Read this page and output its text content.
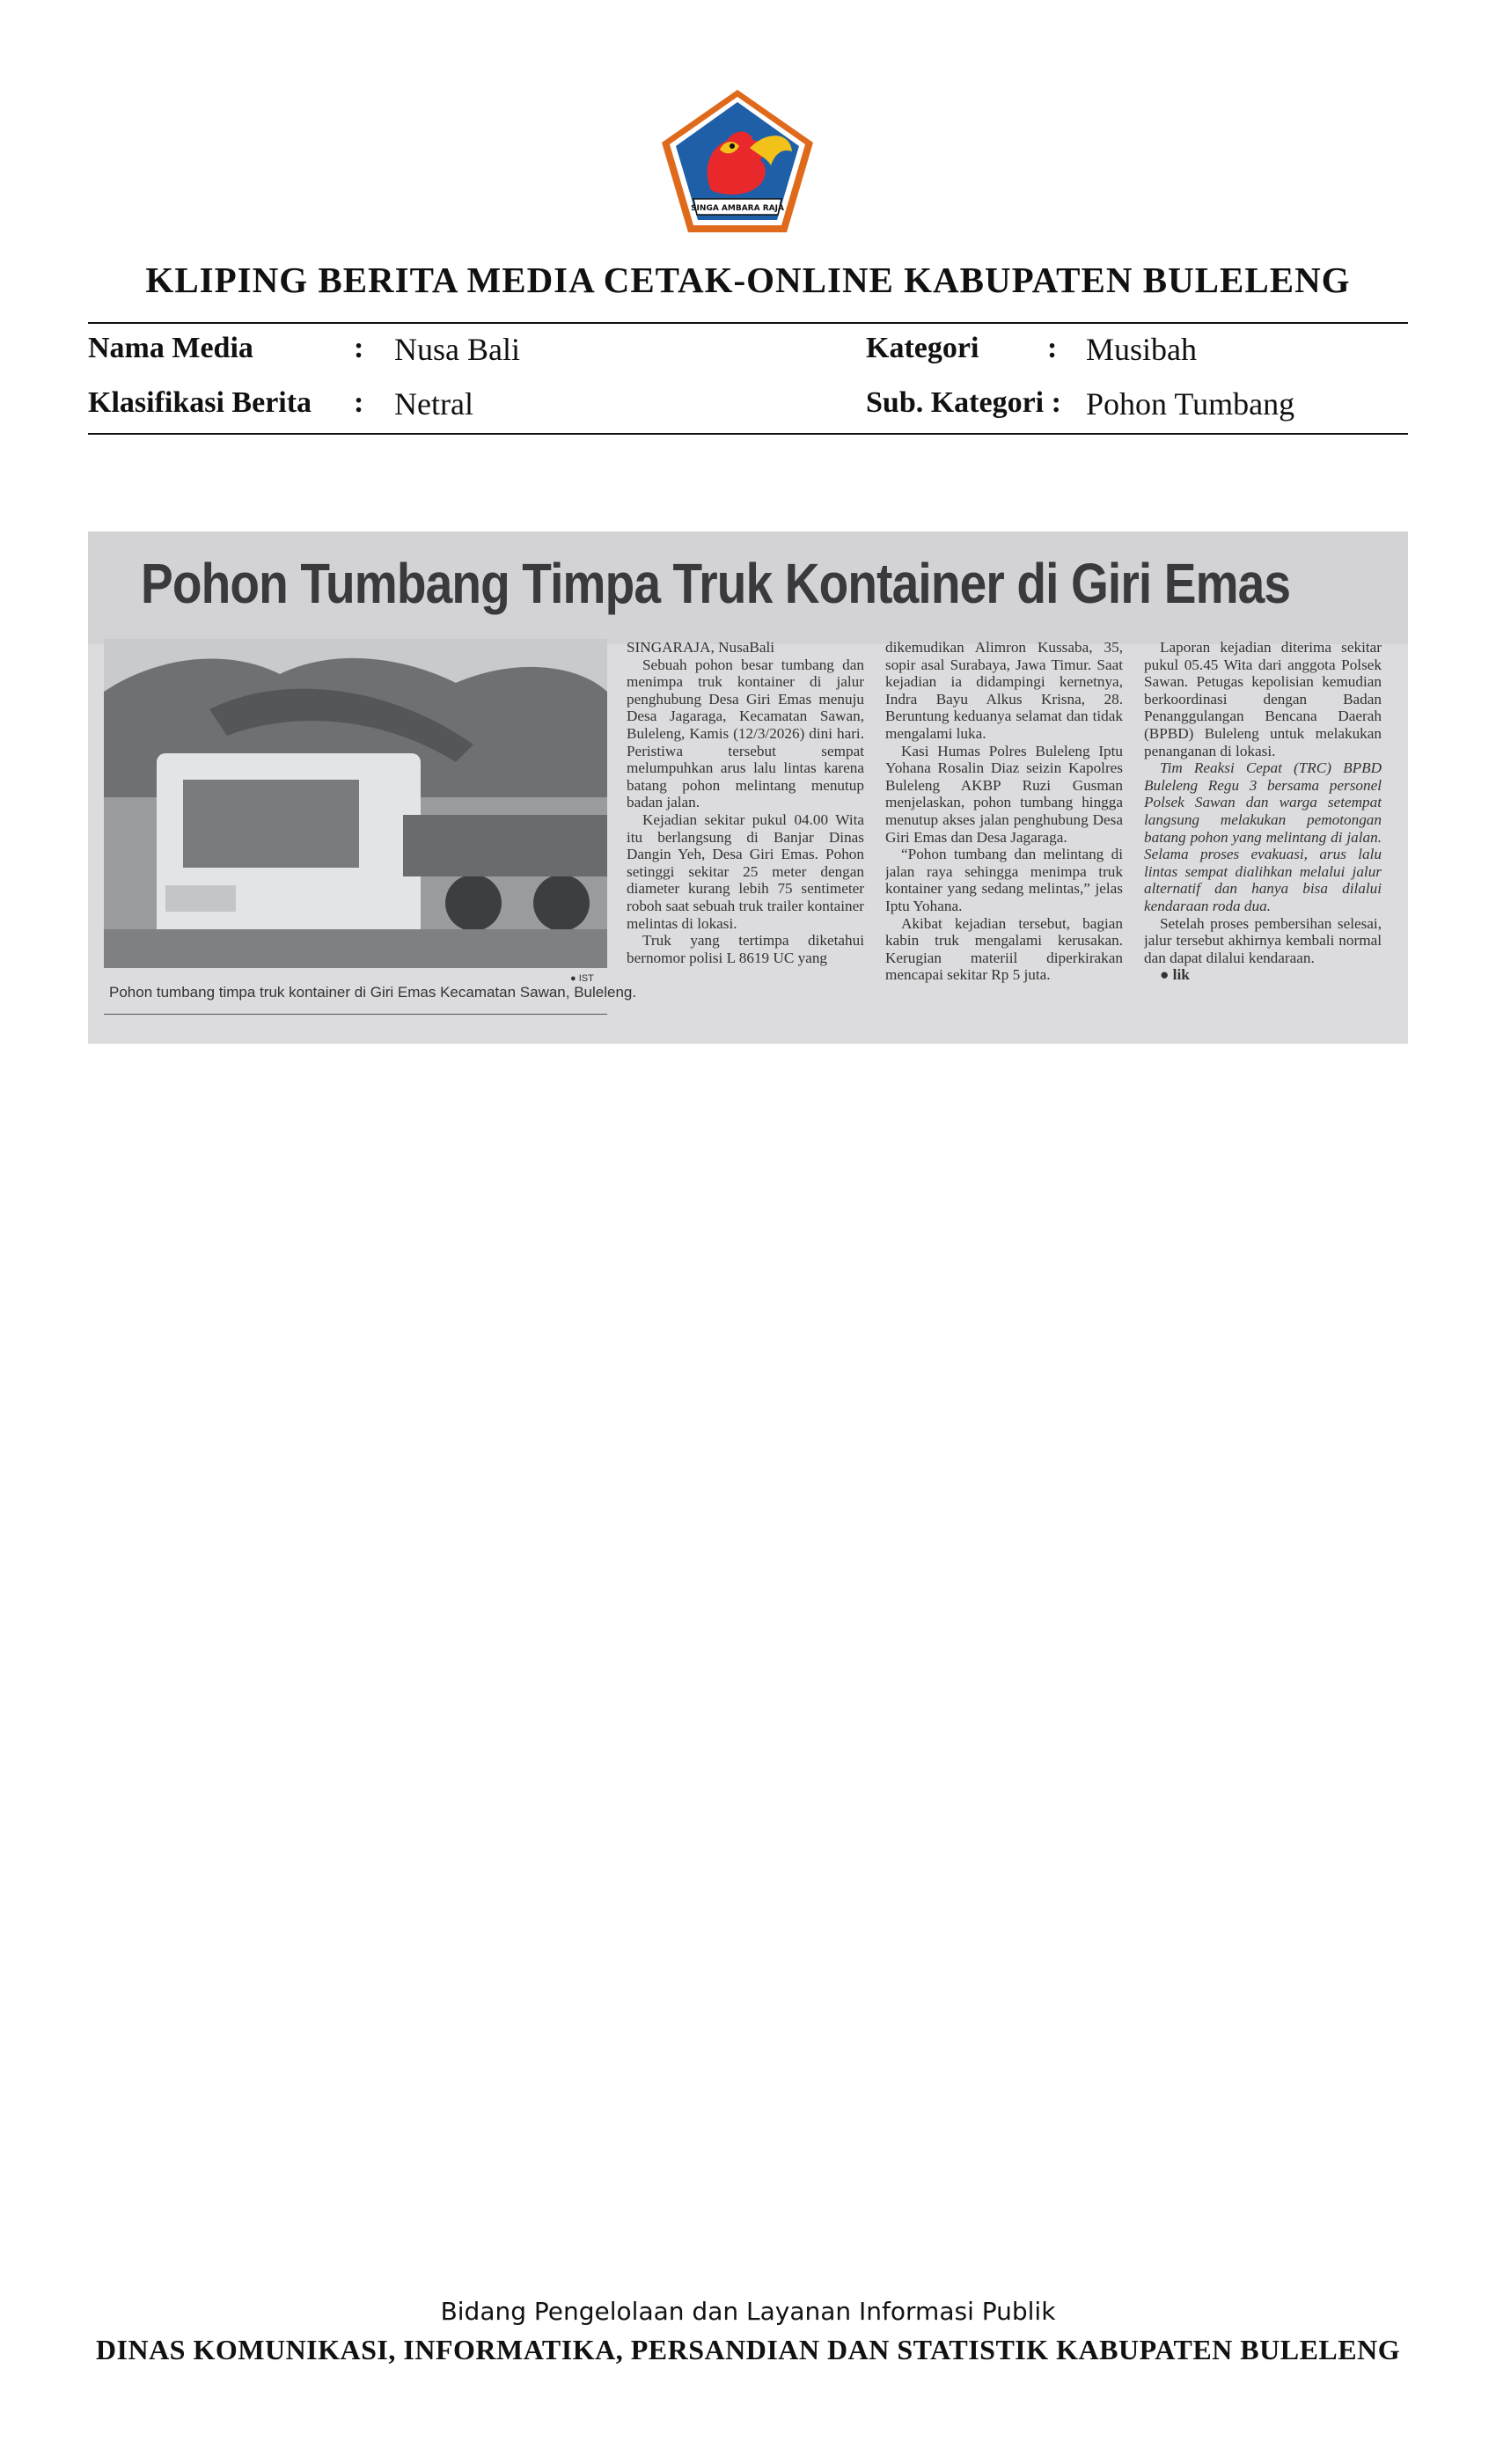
SINGA AMBARA RAJA
KLIPING BERITA MEDIA CETAK-ONLINE KABUPATEN BULELENG
Nama Media	: Nusa Bali
Klasifikasi Berita : Netral
Kategori : Musibah
Sub. Kategori : Pohon Tumbang
Pohon Tumbang Timpa Truk Kontainer di Giri Emas
● IST
Pohon tumbang timpa truk kontainer di Giri Emas Kecamatan Sawan, Buleleng.

SINGARAJA, NusaBali

Sebuah pohon besar tumbang dan menimpa truk kontainer di jalur penghubung Desa Giri Emas menuju Desa Jagaraga, Kecamatan Sawan, Buleleng, Kamis (12/3/2026) dini hari. Peristiwa tersebut sempat melumpuhkan arus lalu lintas karena batang pohon melintang menutup badan jalan.

Kejadian sekitar pukul 04.00 Wita itu berlangsung di Banjar Dinas Dangin Yeh, Desa Giri Emas. Pohon setinggi sekitar 25 meter dengan diameter kurang lebih 75 sentimeter roboh saat sebuah truk trailer kontainer melintas di lokasi.

Truk yang tertimpa diketahui bernomor polisi L 8619 UC yang

dikemudikan Alimron Kussaba, 35, sopir asal Surabaya, Jawa Timur. Saat kejadian ia didampingi kernetnya, Indra Bayu Alkus Krisna, 28. Beruntung keduanya selamat dan tidak mengalami luka.

Kasi Humas Polres Buleleng Iptu Yohana Rosalin Diaz seizin Kapolres Buleleng AKBP Ruzi Gusman menjelaskan, pohon tumbang hingga menutup akses jalan penghubung Desa Giri Emas dan Desa Jagaraga.

“Pohon tumbang dan melintang di jalan raya sehingga menimpa truk kontainer yang sedang melintas,” jelas Iptu Yohana.

Akibat kejadian tersebut, bagian kabin truk mengalami kerusakan. Kerugian materiil diperkirakan mencapai sekitar Rp 5 juta.

Laporan kejadian diterima sekitar pukul 05.45 Wita dari anggota Polsek Sawan. Petugas kepolisian kemudian berkoordinasi dengan Badan Penanggulangan Bencana Daerah (BPBD) Buleleng untuk melakukan penanganan di lokasi.

Tim Reaksi Cepat (TRC) BPBD Buleleng Regu 3 bersama personel Polsek Sawan dan warga setempat langsung melakukan pemotongan batang pohon yang melintang di jalan. Selama proses evakuasi, arus lalu lintas sempat dialihkan melalui jalur alternatif dan hanya bisa dilalui kendaraan roda dua.

Setelah proses pembersihan selesai, jalur tersebut akhirnya kembali normal dan dapat dilalui kendaraan.

● lik

Bidang Pengelolaan dan Layanan Informasi Publik
DINAS KOMUNIKASI, INFORMATIKA, PERSANDIAN DAN STATISTIK KABUPATEN BULELENG
